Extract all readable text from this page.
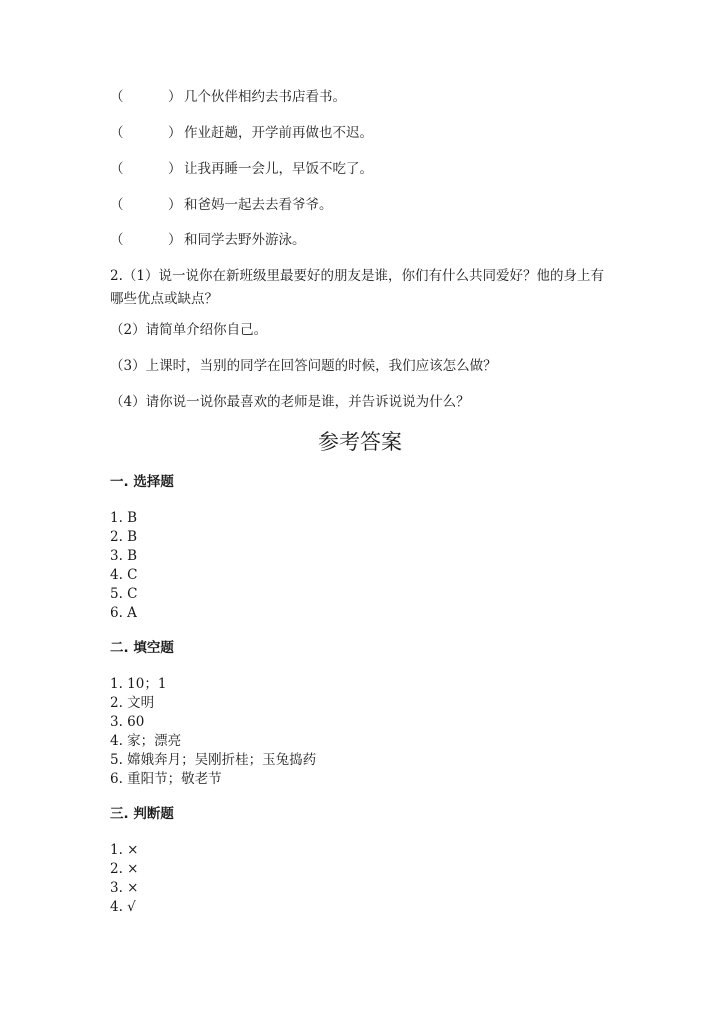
（	） 几个伙伴相约去书店看书。
（	） 作业赶趟，开学前再做也不迟。
（	） 让我再睡一会儿，早饭不吃了。
（	） 和爸妈一起去去看爷爷。
（	） 和同学去野外游泳。
2.（1）说一说你在新班级里最要好的朋友是谁，你们有什么共同爱好？他的身上有哪些优点或缺点？
（2）请简单介绍你自己。
（3）上课时，当别的同学在回答问题的时候，我们应该怎么做？
（4）请你说一说你最喜欢的老师是谁，并告诉说说为什么？
参考答案
一. 选择题
1. B
2. B
3. B
4. C
5. C
6. A
二. 填空题
1. 10；1
2. 文明
3. 60
4. 家；漂亮
5. 嫦娥奔月；吴刚折桂；玉兔捣药
6. 重阳节；敬老节
三. 判断题
1. ×
2. ×
3. ×
4. √
